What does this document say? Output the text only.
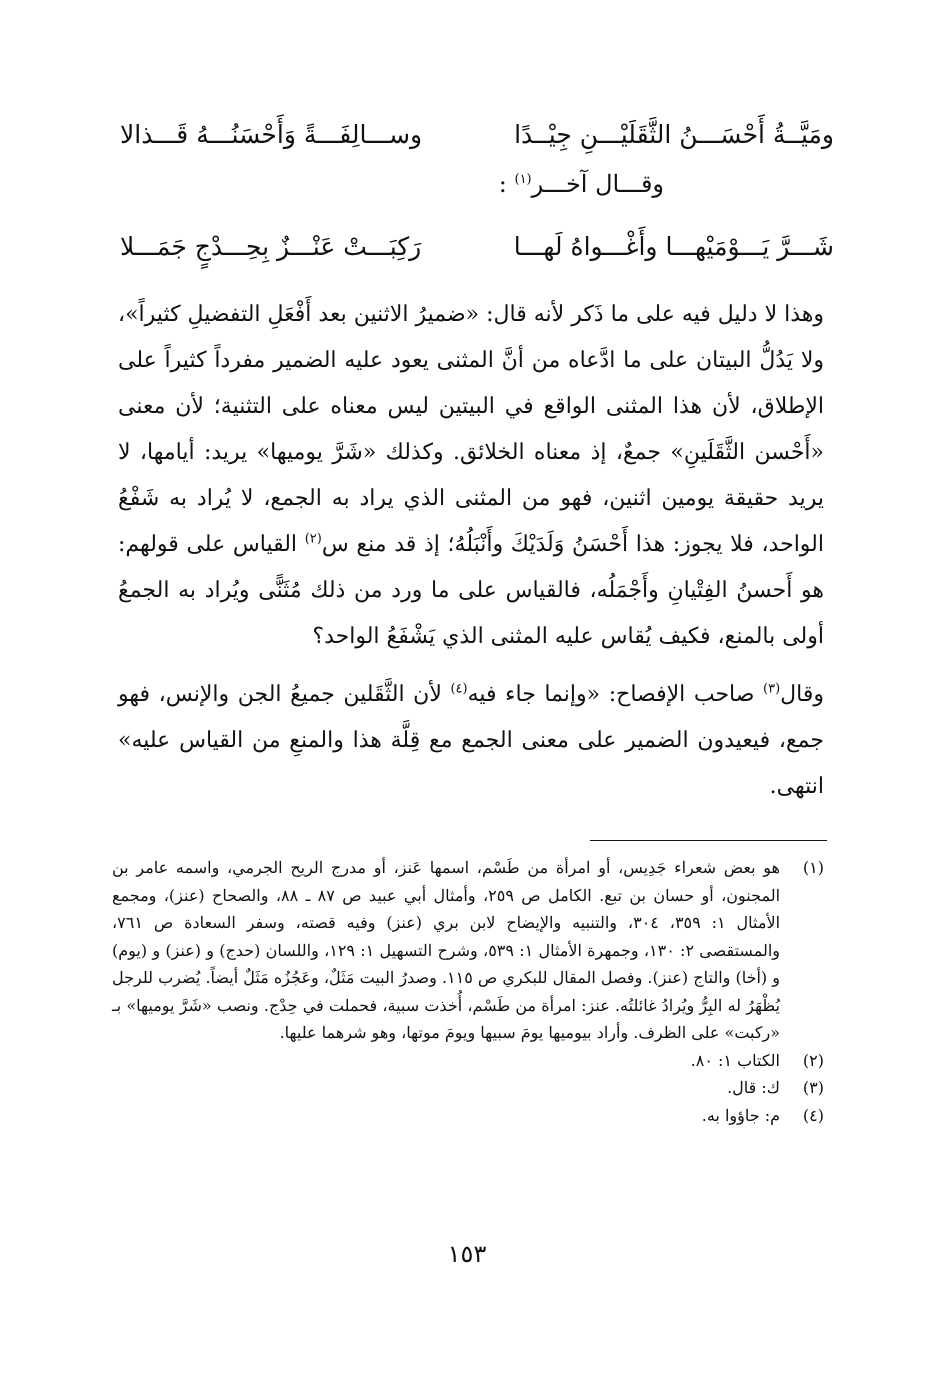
ومَيَّــةُ أَحْسَـــنُ الثَّقَلَيْـــنِ جِيْــدًا
وســـالِفَـــةً وَأَحْسَنُـــهُ قَـــذالا
وقـــال آخـــر$^{(١)}$ :
شَـــرَّ يَـــوْمَيْهـــا وأَغْـــواهُ لَهـــا
رَكِبَـــتْ عَنْـــزٌ بِحِـــدْجٍ جَمَـــلا

وهذا لا دليل فيه على ما ذَكر لأنه قال: «ضميرُ الاثنين بعد أَفْعَلِ التفضيلِ كثيراً»، ولا يَدُلُّ البيتان على ما ادَّعاه من أنَّ المثنى يعود عليه الضمير مفرداً كثيراً على الإطلاق، لأن هذا المثنى الواقع في البيتين ليس معناه على التثنية؛ لأن معنى «أَحْسن الثَّقَلَينِ» جمعٌ، إذ معناه الخلائق. وكذلك «شَرَّ يوميها» يريد: أيامها، لا يريد حقيقة يومين اثنين، فهو من المثنى الذي يراد به الجمع، لا يُراد به شَفْعُ الواحد، فلا يجوز: هذا أَحْسَنُ وَلَدَيْكَ وأَنْبَلُهُ؛ إذ قد منع س$^{(٢)}$ القياس على قولهم: هو أَحسنُ الفِتْيانِ وأَجْمَلُه، فالقياس على ما ورد من ذلك مُثَنًّى ويُراد به الجمعُ أولى بالمنع، فكيف يُقاس عليه المثنى الذي يَشْفَعُ الواحد؟

وقال$^{(٣)}$ صاحب الإفصاح: «وإنما جاء فيه$^{(٤)}$ لأن الثَّقَلين جميعُ الجن والإنس، فهو جمع، فيعيدون الضمير على معنى الجمع مع قِلَّة هذا والمنعِ من القياس عليه» انتهى.

(١)
هو بعض شعراء جَدِيس، أو امرأة من طَسْم، اسمها عَنز، أو مدرج الريح الجرمي، واسمه عامر بن المجنون، أو حسان بن تبع. الكامل ص ٢٥٩، وأمثال أبي عبيد ص ٨٧ ـ ٨٨، والصحاح (عنز)، ومجمع الأمثال ١: ٣٥٩، ٣٠٤، والتنبيه والإيضاح لابن بري (عنز) وفيه قصته، وسفر السعادة ص ٧٦١، والمستقصى ٢: ١٣٠، وجمهرة الأمثال ١: ٥٣٩، وشرح التسهيل ١: ١٢٩، واللسان (حدج) و (عنز) و (يوم) و (أخا) والتاج (عنز). وفصل المقال للبكري ص ١١٥. وصدرُ البيت مَثَلٌ، وعَجُزُه مَثَلٌ أيضاً. يُضرب للرجل يُظْهَرُ له البِرُّ ويُرادُ غائلتُه. عنز: امرأة من طَسْم، أُخذت سبية، فحملت في حِدْج. ونصب «شَرَّ يوميها» بـ «ركبت» على الظرف. وأراد بيوميها يومَ سبيها ويومَ موتها، وهو شرهما عليها.
(٢)
الكتاب ١: ٨٠.
(٣)
ك: قال.
(٤)
م: جاؤوا به.
١٥٣
